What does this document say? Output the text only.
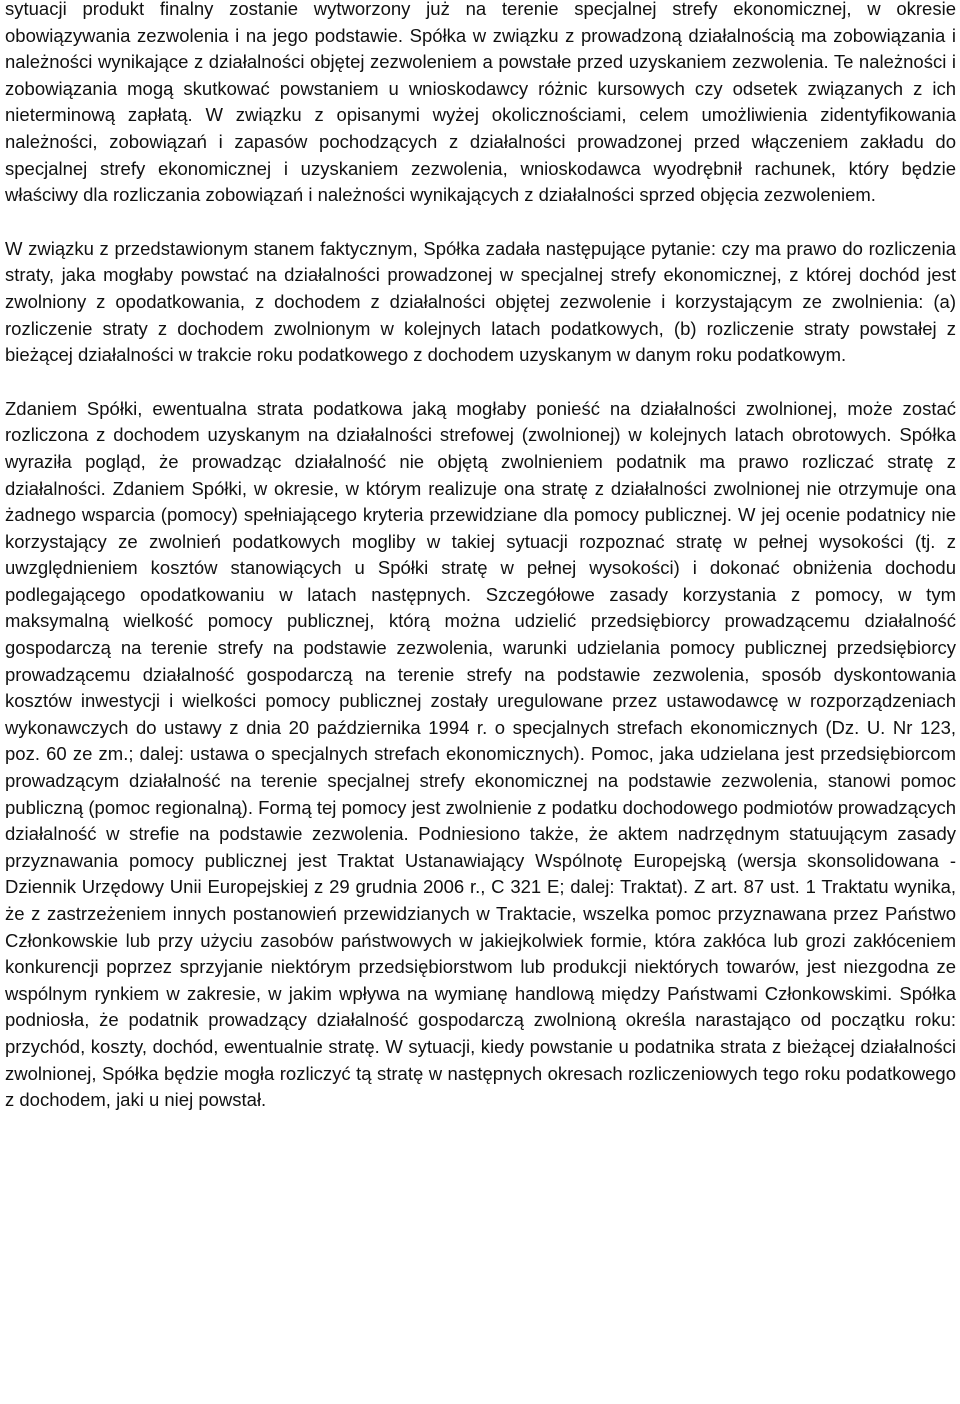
sytuacji produkt finalny zostanie wytworzony już na terenie specjalnej strefy ekonomicznej, w okresie obowiązywania zezwolenia i na jego podstawie. Spółka w związku z prowadzoną działalnością ma zobowiązania i należności wynikające z działalności objętej zezwoleniem a powstałe przed uzyskaniem zezwolenia. Te należności i zobowiązania mogą skutkować powstaniem u wnioskodawcy różnic kursowych czy odsetek związanych z ich nieterminową zapłatą. W związku z opisanymi wyżej okolicznościami, celem umożliwienia zidentyfikowania należności, zobowiązań i zapasów pochodzących z działalności prowadzonej przed włączeniem zakładu do specjalnej strefy ekonomicznej i uzyskaniem zezwolenia, wnioskodawca wyodrębnił rachunek, który będzie właściwy dla rozliczania zobowiązań i należności wynikających z działalności sprzed objęcia zezwoleniem.

W związku z przedstawionym stanem faktycznym, Spółka zadała następujące pytanie: czy ma prawo do rozliczenia straty, jaka mogłaby powstać na działalności prowadzonej w specjalnej strefy ekonomicznej, z której dochód jest zwolniony z opodatkowania, z dochodem z działalności objętej zezwolenie i korzystającym ze zwolnienia: (a) rozliczenie straty z dochodem zwolnionym w kolejnych latach podatkowych, (b) rozliczenie straty powstałej z bieżącej działalności w trakcie roku podatkowego z dochodem uzyskanym w danym roku podatkowym.

Zdaniem Spółki, ewentualna strata podatkowa jaką mogłaby ponieść na działalności zwolnionej, może zostać rozliczona z dochodem uzyskanym na działalności strefowej (zwolnionej) w kolejnych latach obrotowych. Spółka wyraziła pogląd, że prowadząc działalność nie objętą zwolnieniem podatnik ma prawo rozliczać stratę z działalności. Zdaniem Spółki, w okresie, w którym realizuje ona stratę z działalności zwolnionej nie otrzymuje ona żadnego wsparcia (pomocy) spełniającego kryteria przewidziane dla pomocy publicznej. W jej ocenie podatnicy nie korzystający ze zwolnień podatkowych mogliby w takiej sytuacji rozpoznać stratę w pełnej wysokości (tj. z uwzględnieniem kosztów stanowiących u Spółki stratę w pełnej wysokości) i dokonać obniżenia dochodu podlegającego opodatkowaniu w latach następnych. Szczegółowe zasady korzystania z pomocy, w tym maksymalną wielkość pomocy publicznej, którą można udzielić przedsiębiorcy prowadzącemu działalność gospodarczą na terenie strefy na podstawie zezwolenia, warunki udzielania pomocy publicznej przedsiębiorcy prowadzącemu działalność gospodarczą na terenie strefy na podstawie zezwolenia, sposób dyskontowania kosztów inwestycji i wielkości pomocy publicznej zostały uregulowane przez ustawodawcę w rozporządzeniach wykonawczych do ustawy z dnia 20 października 1994 r. o specjalnych strefach ekonomicznych (Dz. U. Nr 123, poz. 60 ze zm.; dalej: ustawa o specjalnych strefach ekonomicznych). Pomoc, jaka udzielana jest przedsiębiorcom prowadzącym działalność na terenie specjalnej strefy ekonomicznej na podstawie zezwolenia, stanowi pomoc publiczną (pomoc regionalną). Formą tej pomocy jest zwolnienie z podatku dochodowego podmiotów prowadzących działalność w strefie na podstawie zezwolenia. Podniesiono także, że aktem nadrzędnym statuującym zasady przyznawania pomocy publicznej jest Traktat Ustanawiający Wspólnotę Europejską (wersja skonsolidowana - Dziennik Urzędowy Unii Europejskiej z 29 grudnia 2006 r., C 321 E; dalej: Traktat). Z art. 87 ust. 1 Traktatu wynika, że z zastrzeżeniem innych postanowień przewidzianych w Traktacie, wszelka pomoc przyznawana przez Państwo Członkowskie lub przy użyciu zasobów państwowych w jakiejkolwiek formie, która zakłóca lub grozi zakłóceniem konkurencji poprzez sprzyjanie niektórym przedsiębiorstwom lub produkcji niektórych towarów, jest niezgodna ze wspólnym rynkiem w zakresie, w jakim wpływa na wymianę handlową między Państwami Członkowskimi. Spółka podniosła, że podatnik prowadzący działalność gospodarczą zwolnioną określa narastająco od początku roku: przychód, koszty, dochód, ewentualnie stratę. W sytuacji, kiedy powstanie u podatnika strata z bieżącej działalności zwolnionej, Spółka będzie mogła rozliczyć tą stratę w następnych okresach rozliczeniowych tego roku podatkowego z dochodem, jaki u niej powstał.
